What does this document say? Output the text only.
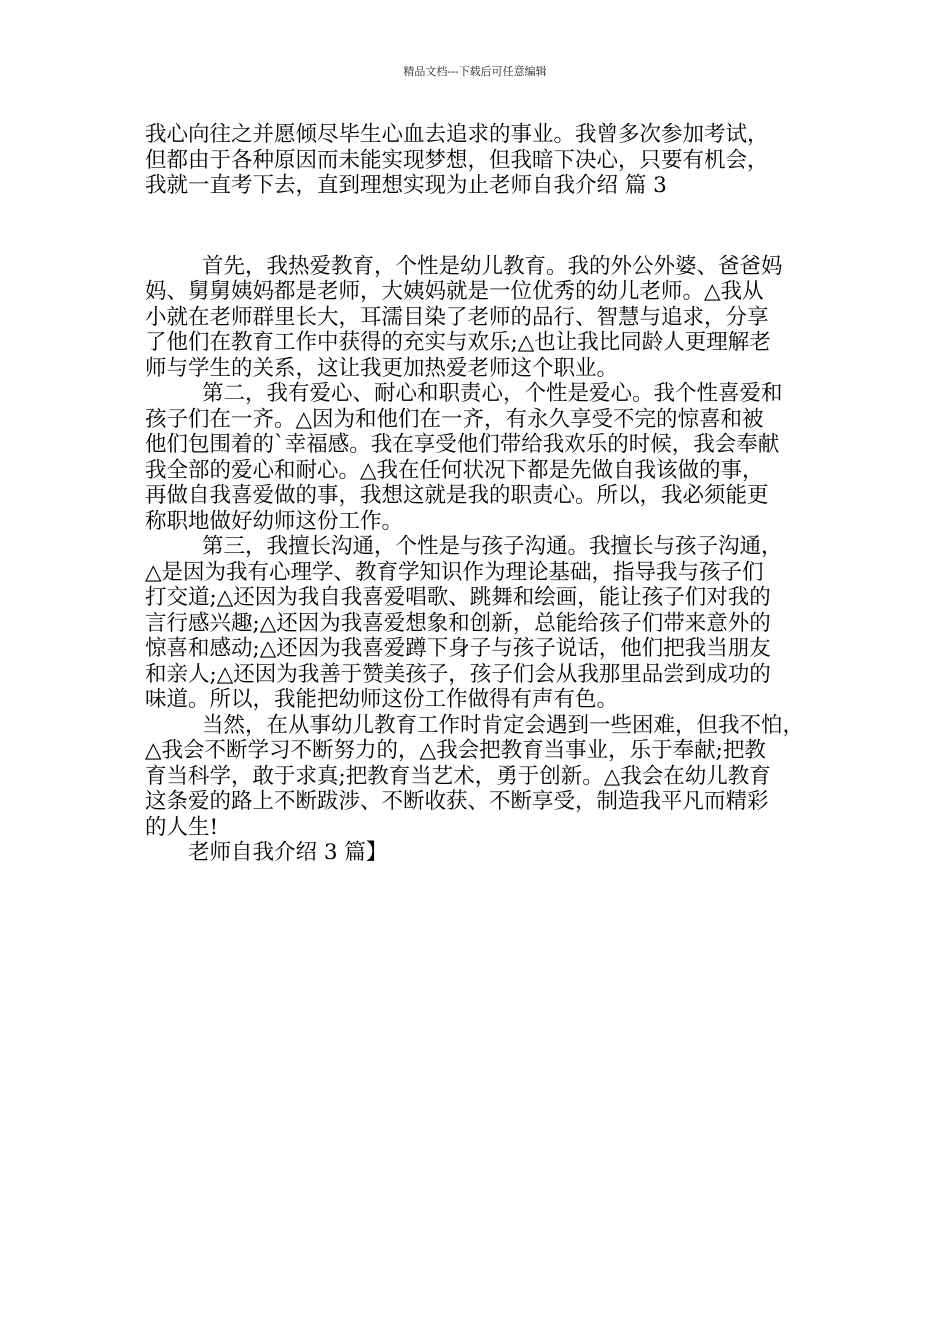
精品文档---下载后可任意编辑
我心向往之并愿倾尽毕生心血去追求的事业。我曾多次参加考试，
但都由于各种原因而未能实现梦想，但我暗下决心，只要有机会，
我就一直考下去，直到理想实现为止老师自我介绍 篇 3
首先，我热爱教育，个性是幼儿教育。我的外公外婆、爸爸妈
妈、舅舅姨妈都是老师，大姨妈就是一位优秀的幼儿老师。△我从
小就在老师群里长大，耳濡目染了老师的品行、智慧与追求，分享
了他们在教育工作中获得的充实与欢乐;△也让我比同龄人更理解老
师与学生的关系，这让我更加热爱老师这个职业。
第二，我有爱心、耐心和职责心，个性是爱心。我个性喜爱和
孩子们在一齐。△因为和他们在一齐，有永久享受不完的惊喜和被
他们包围着的`幸福感。我在享受他们带给我欢乐的时候，我会奉献
我全部的爱心和耐心。△我在任何状况下都是先做自我该做的事，
再做自我喜爱做的事，我想这就是我的职责心。所以，我必须能更
称职地做好幼师这份工作。
第三，我擅长沟通，个性是与孩子沟通。我擅长与孩子沟通，
△是因为我有心理学、教育学知识作为理论基础，指导我与孩子们
打交道;△还因为我自我喜爱唱歌、跳舞和绘画，能让孩子们对我的
言行感兴趣;△还因为我喜爱想象和创新，总能给孩子们带来意外的
惊喜和感动;△还因为我喜爱蹲下身子与孩子说话，他们把我当朋友
和亲人;△还因为我善于赞美孩子，孩子们会从我那里品尝到成功的
味道。所以，我能把幼师这份工作做得有声有色。
当然，在从事幼儿教育工作时肯定会遇到一些困难，但我不怕，
△我会不断学习不断努力的，△我会把教育当事业，乐于奉献;把教
育当科学，敢于求真;把教育当艺术，勇于创新。△我会在幼儿教育
这条爱的路上不断跋涉、不断收获、不断享受，制造我平凡而精彩
的人生!
老师自我介绍 3 篇】
